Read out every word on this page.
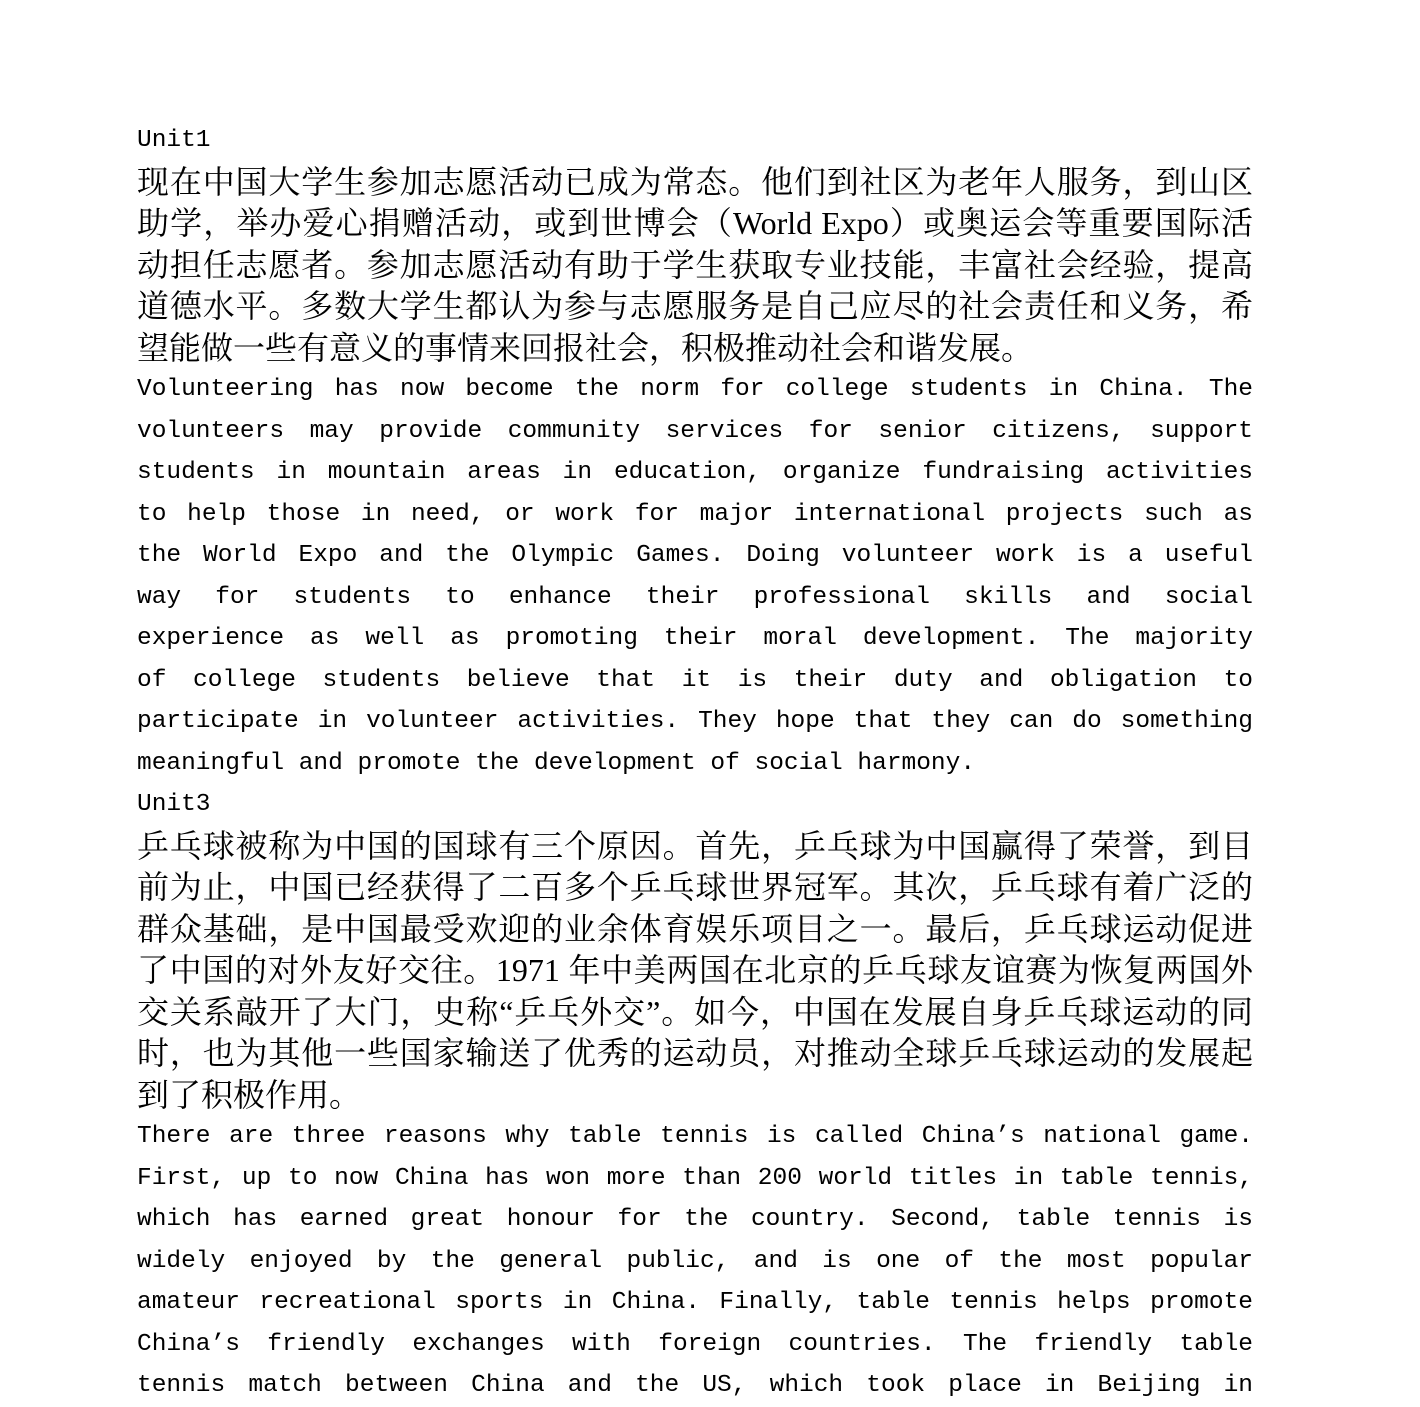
Unit1
现在中国大学生参加志愿活动已成为常态。他们到社区为老年人服务，到山区
助学，举办爱心捐赠活动，或到世博会（World Expo）或奥运会等重要国际活
动担任志愿者。参加志愿活动有助于学生获取专业技能，丰富社会经验，提高
道德水平。多数大学生都认为参与志愿服务是自己应尽的社会责任和义务，希
望能做一些有意义的事情来回报社会，积极推动社会和谐发展。
Volunteering has now become the norm for college students in China. The
volunteers may provide community services for senior citizens, support
students in mountain areas in education, organize fundraising activities
to help those in need, or work for major international projects such as
the World Expo and the Olympic Games. Doing volunteer work is a useful
way for students to enhance their professional skills and social
experience as well as promoting their moral development. The majority
of college students believe that it is their duty and obligation to
participate in volunteer activities. They hope that they can do something
meaningful and promote the development of social harmony.
Unit3
乒乓球被称为中国的国球有三个原因。首先，乒乓球为中国赢得了荣誉，到目
前为止，中国已经获得了二百多个乒乓球世界冠军。其次，乒乓球有着广泛的
群众基础，是中国最受欢迎的业余体育娱乐项目之一。最后，乒乓球运动促进
了中国的对外友好交往。1971 年中美两国在北京的乒乓球友谊赛为恢复两国外
交关系敲开了大门，史称“乒乓外交”。如今，中国在发展自身乒乓球运动的同
时，也为其他一些国家输送了优秀的运动员，对推动全球乒乓球运动的发展起
到了积极作用。
There are three reasons why table tennis is called China’s national game.
First, up to now China has won more than 200 world titles in table tennis,
which has earned great honour for the country. Second, table tennis is
widely enjoyed by the general public, and is one of the most popular
amateur recreational sports in China. Finally, table tennis helps promote
China’s friendly exchanges with foreign countries. The friendly table
tennis match between China and the US, which took place in Beijing in
